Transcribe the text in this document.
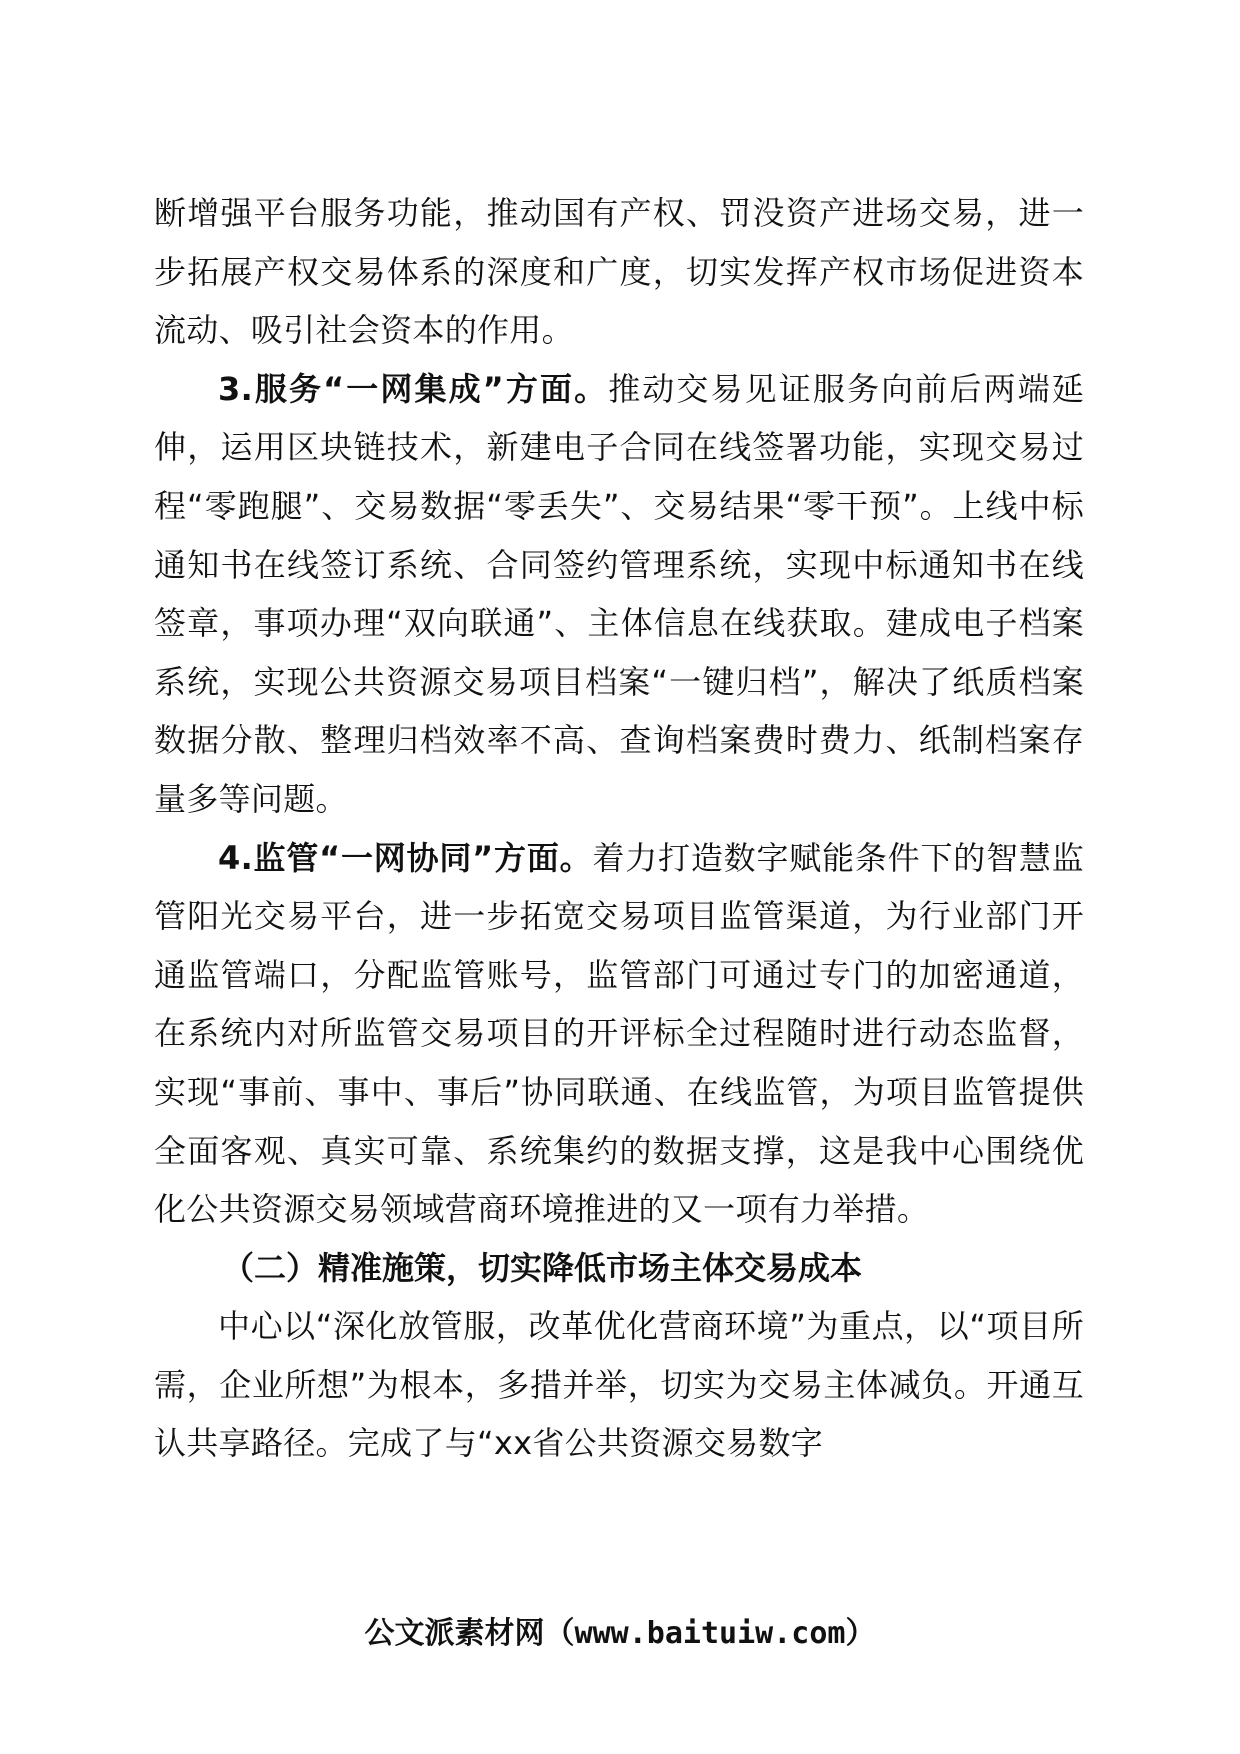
断增强平台服务功能，推动国有产权、罚没资产进场交易，进一步拓展产权交易体系的深度和广度，切实发挥产权市场促进资本流动、吸引社会资本的作用。

3.服务“一网集成”方面。推动交易见证服务向前后两端延伸，运用区块链技术，新建电子合同在线签署功能，实现交易过程“零跑腿”、交易数据“零丢失”、交易结果“零干预”。上线中标通知书在线签订系统、合同签约管理系统，实现中标通知书在线签章，事项办理“双向联通”、主体信息在线获取。建成电子档案系统，实现公共资源交易项目档案“一键归档”，解决了纸质档案数据分散、整理归档效率不高、查询档案费时费力、纸制档案存量多等问题。

4.监管“一网协同”方面。着力打造数字赋能条件下的智慧监管阳光交易平台，进一步拓宽交易项目监管渠道，为行业部门开通监管端口，分配监管账号，监管部门可通过专门的加密通道，在系统内对所监管交易项目的开评标全过程随时进行动态监督，实现“事前、事中、事后”协同联通、在线监管，为项目监管提供全面客观、真实可靠、系统集约的数据支撑，这是我中心围绕优化公共资源交易领域营商环境推进的又一项有力举措。

（二）精准施策，切实降低市场主体交易成本

中心以“深化放管服，改革优化营商环境”为重点，以“项目所需，企业所想”为根本，多措并举，切实为交易主体减负。开通互认共享路径。完成了与“xx省公共资源交易数字

公文派素材网（www.baituiw.com）
